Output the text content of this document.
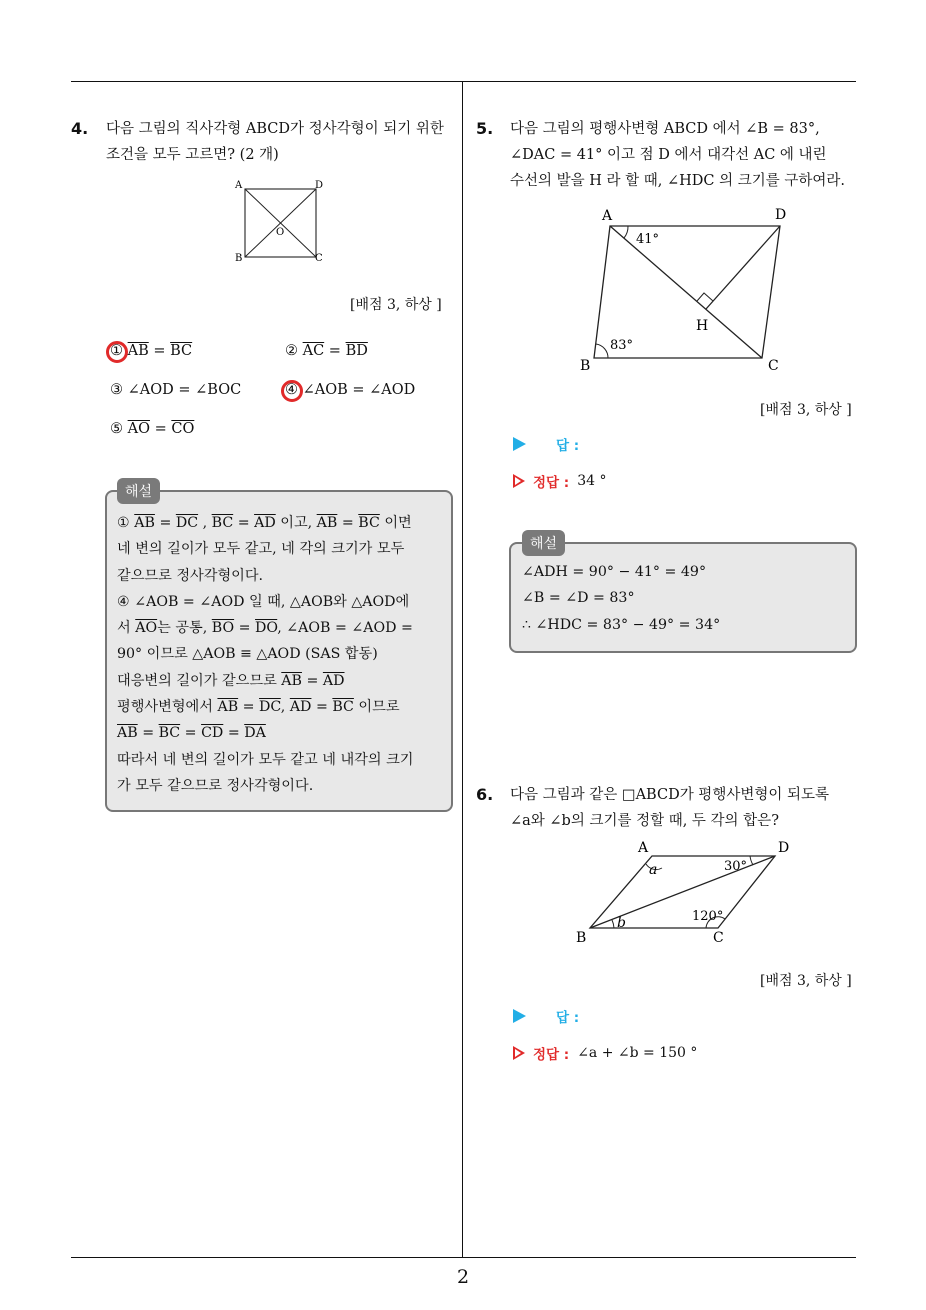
2
4. 다음 그림의 직사각형 ABCD가 정사각형이 되기 위한
조건을 모두 고르면? (2 개)
A	D
B	C
O
[배점 3, 하상 ]
① $\overline{AB} = \overline{BC}$	② $\overline{AC} = \overline{BD}$
③ ∠AOD = ∠BOC	④ ∠AOB = ∠AOD
⑤ $\overline{AO} = \overline{CO}$
해설
① $\overline{AB} = \overline{DC}$ , $\overline{BC} = \overline{AD}$ 이고, $\overline{AB} = \overline{BC}$ 이면
네 변의 길이가 모두 같고, 네 각의 크기가 모두
같으므로 정사각형이다.
④ ∠AOB = ∠AOD 일 때, △AOB와 △AOD에
서 $\overline{AO}$는 공통, $\overline{BO} = \overline{DO}$, ∠AOB = ∠AOD =
90° 이므로 △AOB ≡ △AOD (SAS 합동)
대응변의 길이가 같으므로 $\overline{AB} = \overline{AD}$
평행사변형에서 $\overline{AB} = \overline{DC}$, $\overline{AD} = \overline{BC}$ 이므로
$\overline{AB} = \overline{BC} = \overline{CD} = \overline{DA}$
따라서 네 변의 길이가 모두 같고 네 내각의 크기
가 모두 같으므로 정사각형이다.
5. 다음 그림의 평행사변형 ABCD 에서 ∠B = 83°,
∠DAC = 41° 이고 점 D 에서 대각선 AC 에 내린
수선의 발을 H 라 할 때, ∠HDC 의 크기를 구하여라.
A	D
B	C
H
41°
83°
[배점 3, 하상 ]
답 :
정답 : 34 °
해설
∠ADH = 90° − 41° = 49°
∠B = ∠D = 83°
∴ ∠HDC = 83° − 49° = 34°
6. 다음 그림과 같은 □ABCD가 평행사변형이 되도록
∠a와 ∠b의 크기를 정할 때, 두 각의 합은?
A	D
B	C
a
b
30°
120°
[배점 3, 하상 ]
답 :
정답 : ∠a + ∠b = 150 °
